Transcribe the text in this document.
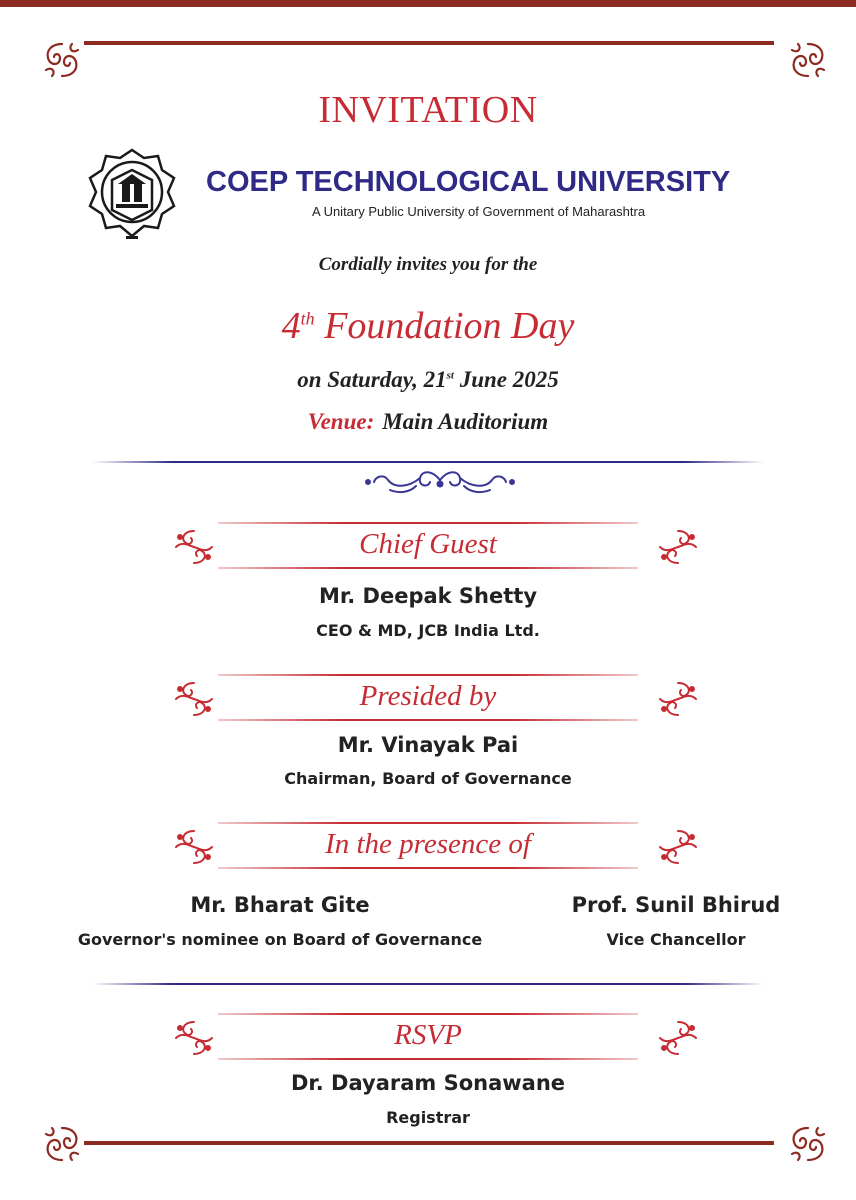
INVITATION
COEP TECHNOLOGICAL UNIVERSITY
A Unitary Public University of Government of Maharashtra
Cordially invites you for the
4th Foundation Day
on Saturday, 21st June 2025
Venue: Main Auditorium
Chief Guest
Mr. Deepak Shetty
CEO & MD, JCB India Ltd.
Presided by
Mr. Vinayak Pai
Chairman, Board of Governance
In the presence of
Mr. Bharat Gite
Governor's nominee on Board of Governance
Prof. Sunil Bhirud
Vice Chancellor
RSVP
Dr. Dayaram Sonawane
Registrar
